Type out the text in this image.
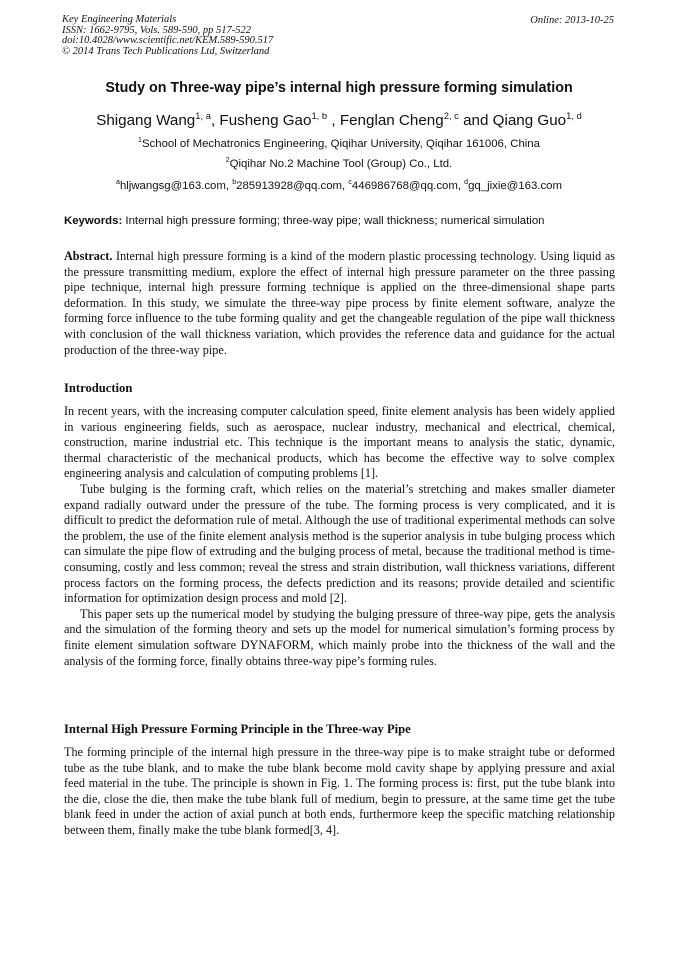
Key Engineering Materials
ISSN: 1662-9795, Vols. 589-590, pp 517-522
doi:10.4028/www.scientific.net/KEM.589-590.517
© 2014 Trans Tech Publications Ltd, Switzerland
Online: 2013-10-25
Study on Three-way pipe’s internal high pressure forming simulation
Shigang Wang$^{1, a}$, Fusheng Gao$^{1, b}$ , Fenglan Cheng$^{2, c}$ and Qiang Guo$^{1, d}$
$^1$School of Mechatronics Engineering, Qiqihar University, Qiqihar 161006, China
$^2$Qiqihar No.2 Machine Tool (Group) Co., Ltd.
$^a$hljwangsg@163.com, $^b$285913928@qq.com, $^c$446986768@qq.com, $^d$gq_jixie@163.com
Keywords: Internal high pressure forming; three-way pipe; wall thickness; numerical simulation

Abstract. Internal high pressure forming is a kind of the modern plastic processing technology. Using liquid as the pressure transmitting medium, explore the effect of internal high pressure parameter on the three passing pipe technique, internal high pressure forming technique is applied on the three-dimensional shape parts deformation. In this study, we simulate the three-way pipe process by finite element software, analyze the forming force influence to the tube forming quality and get the changeable regulation of the pipe wall thickness with conclusion of the wall thickness variation, which provides the reference data and guidance for the actual production of the three-way pipe.

Introduction

In recent years, with the increasing computer calculation speed, finite element analysis has been widely applied in various engineering fields, such as aerospace, nuclear industry, mechanical and electrical, chemical, construction, marine industrial etc. This technique is the important means to analysis the static, dynamic, thermal characteristic of the mechanical products, which has become the effective way to solve complex engineering analysis and calculation of computing problems [1].

Tube bulging is the forming craft, which relies on the material’s stretching and makes smaller diameter expand radially outward under the pressure of the tube. The forming process is very complicated, and it is difficult to predict the deformation rule of metal. Although the use of traditional experimental methods can solve the problem, the use of the finite element analysis method is the superior analysis in tube bulging process which can simulate the pipe flow of extruding and the bulging process of metal, because the traditional method is time-consuming, costly and less common; reveal the stress and strain distribution, wall thickness variations, different process factors on the forming process, the defects prediction and its reasons; provide detailed and scientific information for optimization design process and mold [2].

This paper sets up the numerical model by studying the bulging pressure of three-way pipe, gets the analysis and the simulation of the forming theory and sets up the model for numerical simulation’s forming process by finite element simulation software DYNAFORM, which mainly probe into the thickness of the wall and the analysis of the forming force, finally obtains three-way pipe’s forming rules.

Internal High Pressure Forming Principle in the Three-way Pipe

The forming principle of the internal high pressure in the three-way pipe is to make straight tube or deformed tube as the tube blank, and to make the tube blank become mold cavity shape by applying pressure and axial feed material in the tube. The principle is shown in Fig. 1. The forming process is: first, put the tube blank into the die, close the die, then make the tube blank full of medium, begin to pressure, at the same time get the tube blank feed in under the action of axial punch at both ends, furthermore keep the specific matching relationship between them, finally make the tube blank formed[3, 4].
